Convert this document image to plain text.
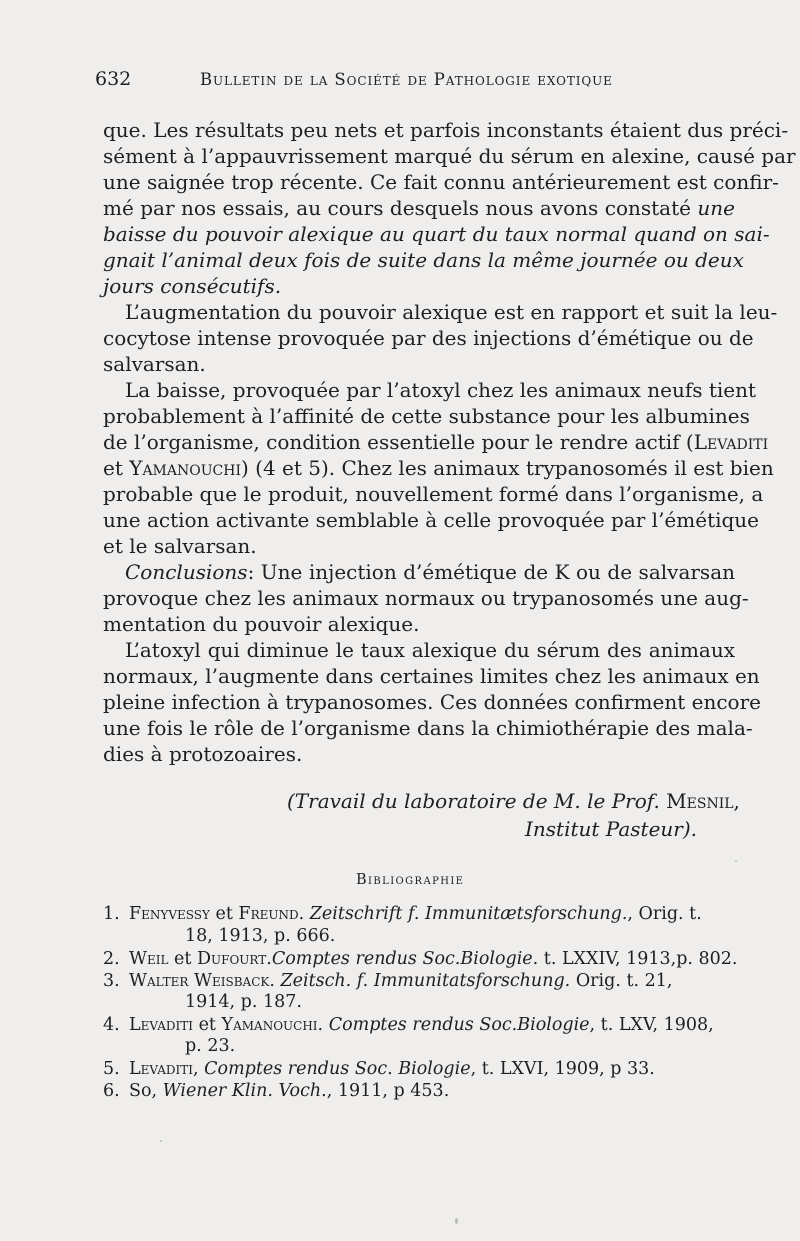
632	Bulletin de la Société de Pathologie exotique
que. Les résultats peu nets et parfois inconstants étaient dus préci-
sément à l’appauvrissement marqué du sérum en alexine, causé par
une saignée trop récente. Ce fait connu antérieurement est confir-
mé par nos essais, au cours desquels nous avons constaté une
baisse du pouvoir alexique au quart du taux normal quand on sai-
gnait l’animal deux fois de suite dans la même journée ou deux
jours consécutifs.
L’augmentation du pouvoir alexique est en rapport et suit la leu-
cocytose intense provoquée par des injections d’émétique ou de
salvarsan.
La baisse, provoquée par l’atoxyl chez les animaux neufs tient
probablement à l’affinité de cette substance pour les albumines
de l’organisme, condition essentielle pour le rendre actif (Levaditi
et Yamanouchi) (4 et 5). Chez les animaux trypanosomés il est bien
probable que le produit, nouvellement formé dans l’organisme, a
une action activante semblable à celle provoquée par l’émétique
et le salvarsan.
Conclusions: Une injection d’émétique de K ou de salvarsan
provoque chez les animaux normaux ou trypanosomés une aug-
mentation du pouvoir alexique.
L’atoxyl qui diminue le taux alexique du sérum des animaux
normaux, l’augmente dans certaines limites chez les animaux en
pleine infection à trypanosomes. Ces données confirment encore
une fois le rôle de l’organisme dans la chimiothérapie des mala-
dies à protozoaires.
(Travail du laboratoire de M. le Prof. Mesnil,
Institut Pasteur).
Bibliographie
1. Fenyvessy et Freund. Zeitschrift f. Immunitætsforschung., Orig. t.
18, 1913, p. 666.
2. Weil et Dufourt.Comptes rendus Soc.Biologie. t. LXXIV, 1913,p. 802.
3. Walter Weisback. Zeitsch. f. Immunitatsforschung. Orig. t. 21,
1914, p. 187.
4. Levaditi et Yamanouchi. Comptes rendus Soc.Biologie, t. LXV, 1908,
p. 23.
5. Levaditi, Comptes rendus Soc. Biologie, t. LXVI, 1909, p 33.
6. So, Wiener Klin. Voch., 1911, p 453.
